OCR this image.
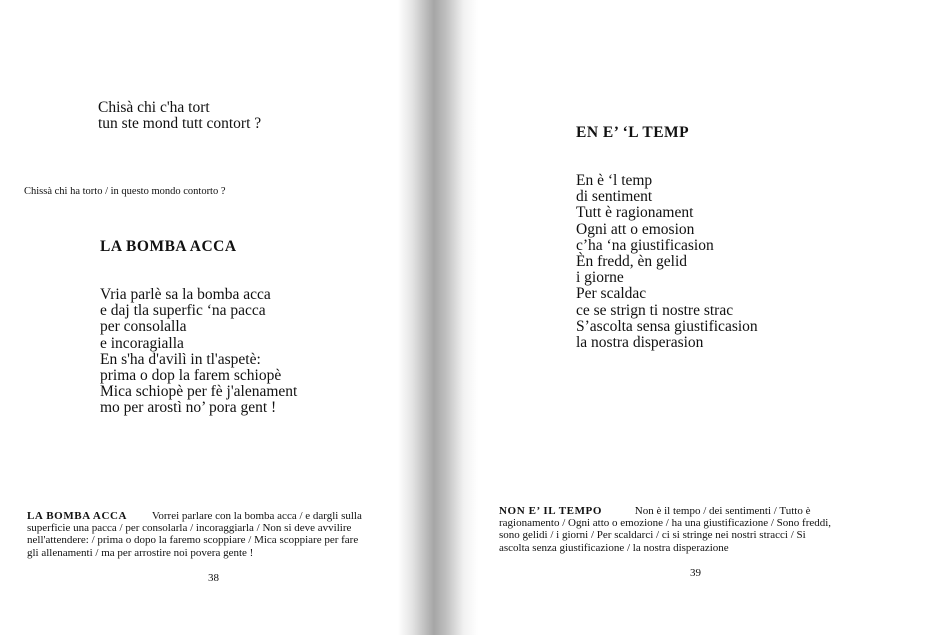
Chisà chi c'ha tort
tun ste mond tutt contort ?
Chissà chi ha torto / in questo mondo contorto ?
LA BOMBA ACCA
Vria parlè sa la bomba acca
e daj tla superfic ‘na pacca
per consolalla
e incoragialla
En s'ha d'avilì in tl'aspetè:
prima o dop la farem schiopè
Mica schiopè per fè j'alenament
mo per arostì no’ pora gent !
LA BOMBA ACCA Vorrei parlare con la bomba acca / e dargli sulla
superficie una pacca / per consolarla / incoraggiarla / Non si deve avvilire
nell'attendere: / prima o dopo la faremo scoppiare / Mica scoppiare per fare
gli allenamenti / ma per arrostire noi povera gente !
38
EN E’ ‘L TEMP
En è ‘l temp
di sentiment
Tutt è ragionament
Ogni att o emosion
c’ha ‘na giustificasion
Èn fredd, èn gelid
i giorne
Per scaldac
ce se strign ti nostre strac
S’ascolta sensa giustificasion
la nostra disperasion
NON E’ IL TEMPO	Non è il tempo / dei sentimenti / Tutto è
ragionamento / Ogni atto o emozione / ha una giustificazione / Sono freddi,
sono gelidi / i giorni / Per scaldarci / ci si stringe nei nostri stracci / Si
ascolta senza giustificazione / la nostra disperazione
39
